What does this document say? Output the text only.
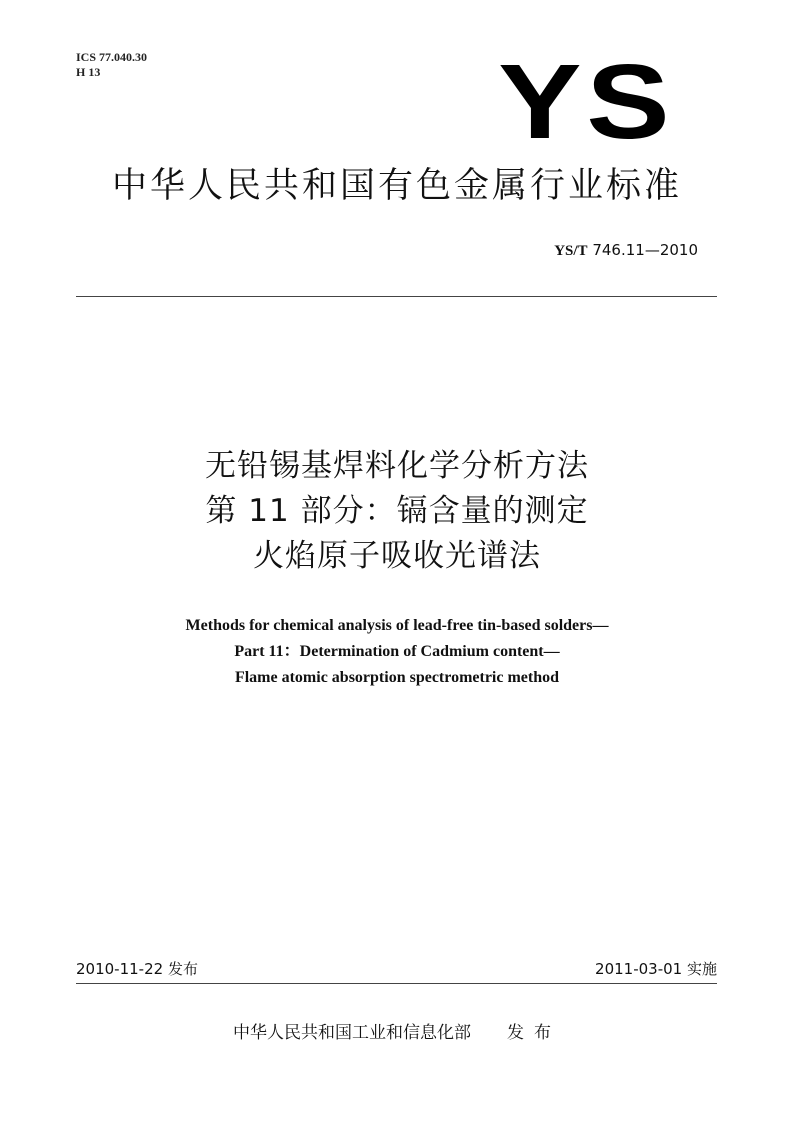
ICS 77.040.30
H 13	YS
中华人民共和国有色金属行业标准
YS/T 746.11—2010
无铅锡基焊料化学分析方法
第 11 部分：镉含量的测定
火焰原子吸收光谱法
Methods for chemical analysis of lead-free tin-based solders—
Part 11：Determination of Cadmium content—
Flame atomic absorption spectrometric method
2010-11-22 发布	2011-03-01 实施
中华人民共和国工业和信息化部 发布
